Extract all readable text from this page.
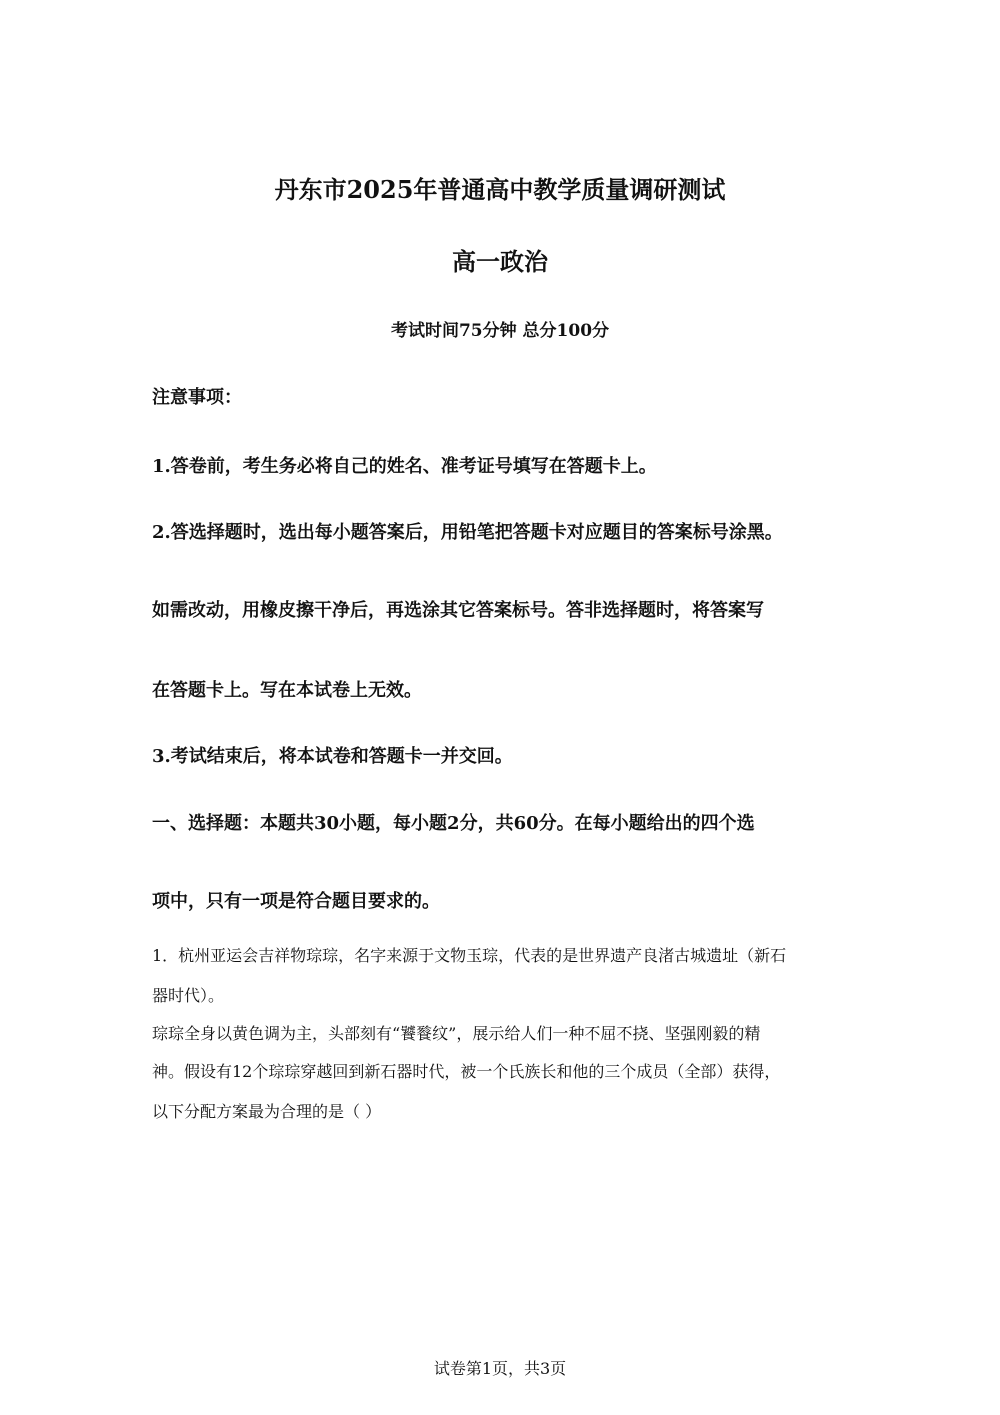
丹东市2025年普通高中教学质量调研测试
高一政治
考试时间75分钟 总分100分
注意事项：
1.答卷前，考生务必将自己的姓名、准考证号填写在答题卡上。
2.答选择题时，选出每小题答案后，用铅笔把答题卡对应题目的答案标号涂黑。
如需改动，用橡皮擦干净后，再选涂其它答案标号。答非选择题时，将答案写
在答题卡上。写在本试卷上无效。
3.考试结束后，将本试卷和答题卡一并交回。
一、选择题：本题共30小题，每小题2分，共60分。在每小题给出的四个选
项中，只有一项是符合题目要求的。
1．杭州亚运会吉祥物琮琮，名字来源于文物玉琮，代表的是世界遗产良渚古城遗址（新石
器时代）。
琮琮全身以黄色调为主，头部刻有“饕餮纹”，展示给人们一种不屈不挠、坚强刚毅的精
神。假设有12个琮琮穿越回到新石器时代，被一个氏族长和他的三个成员（全部）获得，
以下分配方案最为合理的是（ ）
试卷第1页，共3页
